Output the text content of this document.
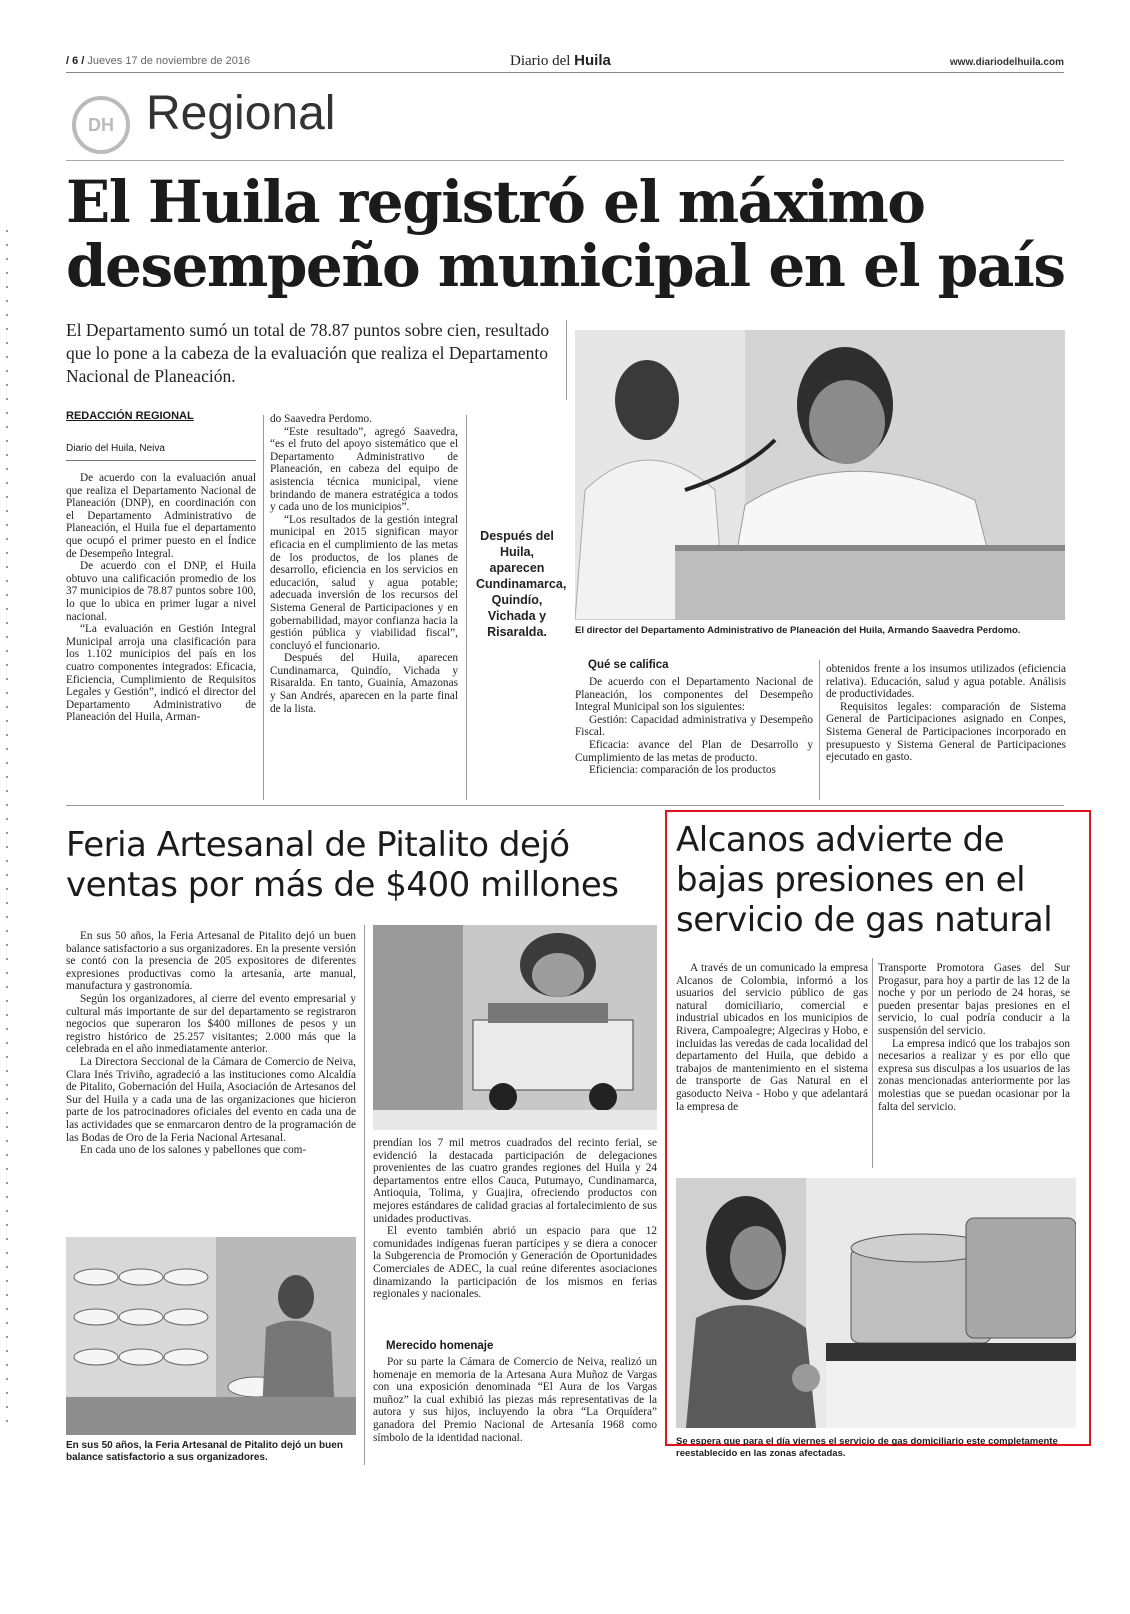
/ 6 / Jueves 17 de noviembre de 2016	Diario del Huila	www.diariodelhuila.com
DH Regional
El Huila registró el máximo desempeño municipal en el país
El Departamento sumó un total de 78.87 puntos sobre cien, resultado que lo pone a la cabeza de la evaluación que realiza el Departamento Nacional de Planeación.
REDACCIÓN REGIONAL
Diario del Huila, Neiva

De acuerdo con la evaluación anual que realiza el Departamento Nacional de Planeación (DNP), en coordinación con el Departamento Administrativo de Planeación, el Huila fue el departamento que ocupó el primer puesto en el Índice de Desempeño Integral.

De acuerdo con el DNP, el Huila obtuvo una calificación promedio de los 37 municipios de 78.87 puntos sobre 100, lo que lo ubica en primer lugar a nivel nacional.

“La evaluación en Gestión Integral Municipal arroja una clasificación para los 1.102 municipios del país en los cuatro componentes integrados: Eficacia, Eficiencia, Cumplimiento de Requisitos Legales y Gestión”, indicó el director del Departamento Administrativo de Planeación del Huila, Arman-

do Saavedra Perdomo.

“Este resultado”, agregó Saavedra, “es el fruto del apoyo sistemático que el Departamento Administrativo de Planeación, en cabeza del equipo de asistencia técnica municipal, viene brindando de manera estratégica a todos y cada uno de los municipios”.

“Los resultados de la gestión integral municipal en 2015 significan mayor eficacia en el cumplimiento de las metas de los productos, de los planes de desarrollo, eficiencia en los servicios en educación, salud y agua potable; adecuada inversión de los recursos del Sistema General de Participaciones y en gobernabilidad, mayor confianza hacia la gestión pública y viabilidad fiscal”, concluyó el funcionario.

Después del Huila, aparecen Cundinamarca, Quindío, Vichada y Risaralda. En tanto, Guainía, Amazonas y San Andrés, aparecen en la parte final de la lista.

Después del Huila, aparecen Cundinamarca, Quindío, Vichada y Risaralda.	El director del Departamento Administrativo de Planeación del Huila, Armando Saavedra Perdomo.
Qué se califica

De acuerdo con el Departamento Nacional de Planeación, los componentes del Desempeño Integral Municipal son los siguientes:

Gestión: Capacidad administrativa y Desempeño Fiscal.

Eficacia: avance del Plan de Desarrollo y Cumplimiento de las metas de producto.

Eficiencia: comparación de los productos

obtenidos frente a los insumos utilizados (eficiencia relativa). Educación, salud y agua potable. Análisis de productividades.

Requisitos legales: comparación de Sistema General de Participaciones asignado en Conpes, Sistema General de Participaciones incorporado en presupuesto y Sistema General de Participaciones ejecutado en gasto.

Feria Artesanal de Pitalito dejó ventas por más de $400 millones

En sus 50 años, la Feria Artesanal de Pitalito dejó un buen balance satisfactorio a sus organizadores. En la presente versión se contó con la presencia de 205 expositores de diferentes expresiones productivas como la artesanía, arte manual, manufactura y gastronomía.

Según los organizadores, al cierre del evento empresarial y cultural más importante de sur del departamento se registraron negocios que superaron los $400 millones de pesos y un registro histórico de 25.257 visitantes; 2.000 más que la celebrada en el año inmediatamente anterior.

La Directora Seccional de la Cámara de Comercio de Neiva, Clara Inés Triviño, agradeció a las instituciones como Alcaldía de Pitalito, Gobernación del Huila, Asociación de Artesanos del Sur del Huila y a cada una de las organizaciones que hicieron parte de los patrocinadores oficiales del evento en cada una de las actividades que se enmarcaron dentro de la programación de las Bodas de Oro de la Feria Nacional Artesanal.

En cada uno de los salones y pabellones que com-

prendían los 7 mil metros cuadrados del recinto ferial, se evidenció la destacada participación de delegaciones provenientes de las cuatro grandes regiones del Huila y 24 departamentos entre ellos Cauca, Putumayo, Cundinamarca, Antioquia, Tolima, y Guajira, ofreciendo productos con mejores estándares de calidad gracias al fortalecimiento de sus unidades productivas.

El evento también abrió un espacio para que 12 comunidades indígenas fueran partícipes y se diera a conocer la Subgerencia de Promoción y Generación de Oportunidades Comerciales de ADEC, la cual reúne diferentes asociaciones dinamizando la participación de los mismos en ferias regionales y nacionales.

Merecido homenaje

Por su parte la Cámara de Comercio de Neiva, realizó un homenaje en memoria de la Artesana Aura Muñoz de Vargas con una exposición denominada “El Aura de los Vargas muñoz” la cual exhibió las piezas más representativas de la autora y sus hijos, incluyendo la obra “La Orquídera” ganadora del Premio Nacional de Artesanía 1968 como símbolo de la identidad nacional.

En sus 50 años, la Feria Artesanal de Pitalito dejó un buen balance satisfactorio a sus organizadores.
Alcanos advierte de bajas presiones en el servicio de gas natural

A través de un comunicado la empresa Alcanos de Colombia, informó a los usuarios del servicio público de gas natural domiciliario, comercial e industrial ubicados en los municipios de Rivera, Campoalegre; Algeciras y Hobo, e incluidas las veredas de cada localidad del departamento del Huila, que debido a trabajos de mantenimiento en el sistema de transporte de Gas Natural en el gasoducto Neiva - Hobo y que adelantará la empresa de

Transporte Promotora Gases del Sur Progasur, para hoy a partir de las 12 de la noche y por un periodo de 24 horas, se pueden presentar bajas presiones en el servicio, lo cual podría conducir a la suspensión del servicio.

La empresa indicó que los trabajos son necesarios a realizar y es por ello que expresa sus disculpas a los usuarios de las zonas mencionadas anteriormente por las molestias que se puedan ocasionar por la falta del servicio.

Se espera que para el día viernes el servicio de gas domiciliario este completamente reestablecido en las zonas afectadas.
